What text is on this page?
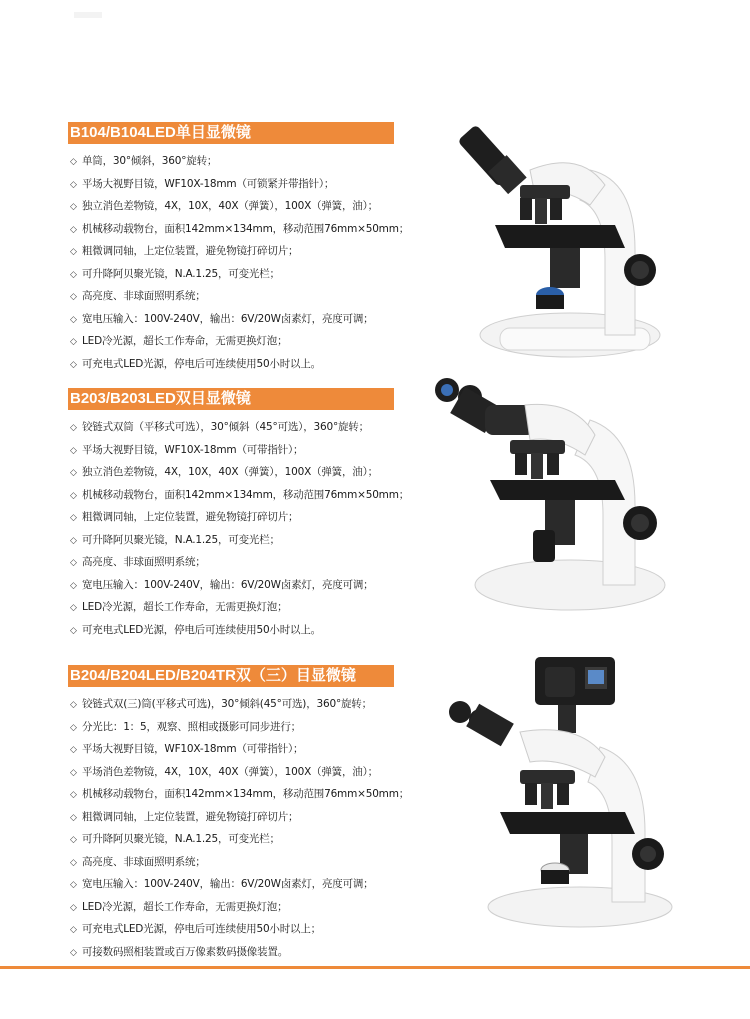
B104/B104LED单目显微镜
◇ 单筒，30°倾斜，360°旋转；
◇ 平场大视野目镜，WF10X-18mm（可锁紧并带指针）；
◇ 独立消色差物镜，4X，10X，40X（弹簧），100X（弹簧，油）；
◇ 机械移动载物台，面积142mm×134mm，移动范围76mm×50mm；
◇ 粗微调同轴，上定位装置，避免物镜打碎切片；
◇ 可升降阿贝聚光镜，N.A.1.25，可变光栏；
◇ 高亮度、非球面照明系统；
◇ 宽电压输入：100V-240V，输出：6V/20W卤素灯，亮度可调；
◇ LED冷光源，超长工作寿命，无需更换灯泡；
◇ 可充电式LED光源，停电后可连续使用50小时以上。
B203/B203LED双目显微镜
◇ 铰链式双筒（平移式可选），30°倾斜（45°可选），360°旋转；
◇ 平场大视野目镜，WF10X-18mm（可带指针）；
◇ 独立消色差物镜，4X，10X，40X（弹簧），100X（弹簧，油）；
◇ 机械移动载物台，面积142mm×134mm，移动范围76mm×50mm；
◇ 粗微调同轴，上定位装置，避免物镜打碎切片；
◇ 可升降阿贝聚光镜，N.A.1.25，可变光栏；
◇ 高亮度、非球面照明系统；
◇ 宽电压输入：100V-240V，输出：6V/20W卤素灯，亮度可调；
◇ LED冷光源，超长工作寿命，无需更换灯泡；
◇ 可充电式LED光源，停电后可连续使用50小时以上。
B204/B204LED/B204TR双（三）目显微镜
◇ 铰链式双(三)筒(平移式可选)，30°倾斜(45°可选)，360°旋转；
◇ 分光比：1：5，观察、照相或摄影可同步进行；
◇ 平场大视野目镜，WF10X-18mm（可带指针）；
◇ 平场消色差物镜，4X，10X，40X（弹簧），100X（弹簧，油）；
◇ 机械移动载物台，面积142mm×134mm，移动范围76mm×50mm；
◇ 粗微调同轴，上定位装置，避免物镜打碎切片；
◇ 可升降阿贝聚光镜，N.A.1.25，可变光栏；
◇ 高亮度、非球面照明系统；
◇ 宽电压输入：100V-240V，输出：6V/20W卤素灯，亮度可调；
◇ LED冷光源，超长工作寿命，无需更换灯泡；
◇ 可充电式LED光源，停电后可连续使用50小时以上；
◇ 可接数码照相装置或百万像素数码摄像装置。
